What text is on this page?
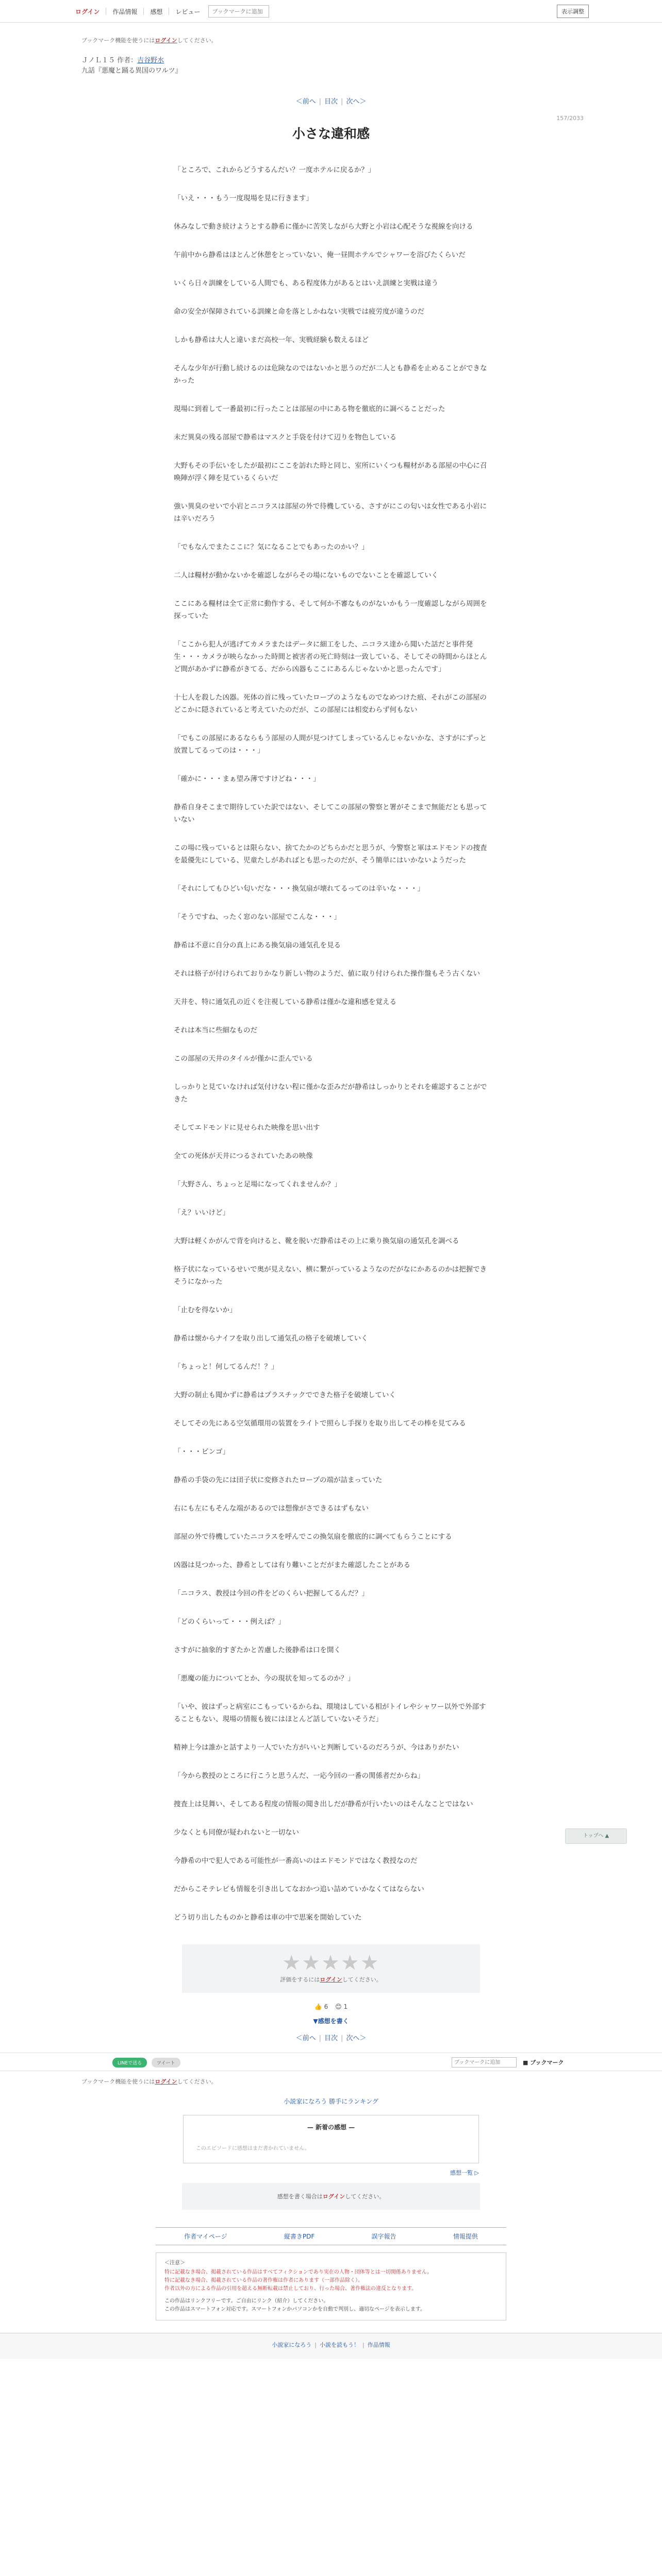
ログイン	作品情報	感想	レビュー
ブックマークに追加	表示調整
ブックマーク機能を使うにはログインしてください。
ＪノＬ１５ 作者：吉谷野水
九話『悪魔と踊る異国のワルツ』
＜前へ | 目次 | 次へ＞
157/2033
小さな違和感

「ところで、これからどうするんだい？一度ホテルに戻るか？」

「いえ・・・もう一度現場を見に行きます」

休みなしで動き続けようとする静希に僅かに苦笑しながら大野と小岩は心配そうな視線を向ける

午前中から静希はほとんど休憩をとっていない、俺一昼間ホテルでシャワーを浴びたくらいだ

いくら日々訓練をしている人間でも、ある程度体力があるとはいえ訓練と実戦は違う

命の安全が保障されている訓練と命を落としかねない実戦では疲労度が違うのだ

しかも静希は大人と違いまだ高校一年、実戦経験も数えるほど

そんな少年が行動し続けるのは危険なのではないかと思うのだが二人とも静希を止めることができなかった

現場に到着して一番最初に行ったことは部屋の中にある物を徹底的に調べることだった

未だ異臭の残る部屋で静希はマスクと手袋を付けて辺りを物色している

大野もその手伝いをしたが最初にここを訪れた時と同じ、室所にいくつも糧材がある部屋の中心に召喚陣が浮く陣を見ているくらいだ

強い異臭のせいで小岩とニコラスは部屋の外で待機している、さすがにこの匂いは女性である小岩には辛いだろう

「でもなんでまたここに？気になることでもあったのかい？」

二人は糧材が動かないかを確認しながらその場にないものでないことを確認していく

ここにある糧材は全て正常に動作する、そして何か不審なものがないかもう一度確認しながら周囲を探っていた

「ここから犯人が逃げてカメラまたはデータに細工をした、ニコラス達から聞いた話だと事件発生・・・カメラが映らなかった時間と被害者の死亡時刻は一致している、そしてその時間からほとんど間があかずに静希がきてる、だから凶器もここにあるんじゃないかと思ったんです」

十七人を殺した凶器。死体の首に残っていたロープのようなものでなめつけた痕、それがこの部屋のどこかに隠されていると考えていたのだが、この部屋には相変わらず何もない

「でもこの部屋にあるならもう部屋の人間が見つけてしまっているんじゃないかな、さすがにずっと放置してるってのは・・・」

「確かに・・・まぁ望み薄ですけどね・・・」

静希自身そこまで期待していた訳ではない、そしてこの部屋の警察と署がそこまで無能だとも思っていない

この場に残っているとは限らない、捨てたかのどちらかだと思うが、今警察と軍はエドモンドの捜査を最優先にしている、児童たしがあればとも思ったのだが、そう簡単にはいかないようだった

「それにしてもひどい匂いだな・・・換気扇が壊れてるってのは辛いな・・・」

「そうですね、ったく窓のない部屋でこんな・・・」

静希は不意に自分の真上にある換気扇の通気孔を見る

それは格子が付けられておりかなり新しい物のようだ、値に取り付けられた操作盤もそう古くない

天井を、特に通気孔の近くを注視している静希は僅かな違和感を覚える

それは本当に些細なものだ

この部屋の天井のタイルが僅かに歪んでいる

しっかりと見ていなければ気付けない程に僅かな歪みだが静希はしっかりとそれを確認することができた

そしてエドモンドに見せられた映像を思い出す

全ての死体が天井につるされていたあの映像

「大野さん、ちょっと足場になってくれませんか？」

「え？いいけど」

大野は軽くかがんで背を向けると、靴を脱いだ静希はその上に乗り換気扇の通気孔を調べる

格子状になっているせいで奥が見えない、横に繋がっているようなのだがなにかあるのかは把握できそうになかった

「止むを得ないか」

静希は懐からナイフを取り出して通気孔の格子を破壊していく

「ちょっと！何してるんだ！？」

大野の制止も聞かずに静希はプラスチックでできた格子を破壊していく

そしてその先にある空気循環用の装置をライトで照らし手探りを取り出してその棒を見てみる

「・・・ビンゴ」

静希の手袋の先には団子状に変修されたロープの端が詰まっていた

右にも左にもそんな端があるのでは想像がさできるはずもない

部屋の外で待機していたニコラスを呼んでこの換気扇を徹底的に調べてもらうことにする

凶器は見つかった、静希としては有り難いことだがまた確認したことがある

「ニコラス、教授は今回の件をどのくらい把握してるんだ？」

「どのくらいって・・・例えば？」

さすがに抽象的すぎたかと苦慮した後静希は口を開く

「悪魔の能力についてとか、今の現状を知ってるのか？」

「いや、彼はずっと病室にこもっているからね、環境はしている相がトイレやシャワー以外で外部することもない、現場の情報も彼にはほとんど話していないそうだ」

精神上今は誰かと話すより一人でいた方がいいと判断しているのだろうが、今はありがたい

「今から教授のところに行こうと思うんだ、一応今回の一番の関係者だからね」

捜査上は見舞い、そしてある程度の情報の聞き出しだが静希が行いたいのはそんなことではない

少なくとも同僚が疑われないと一切ない

今静希の中で犯人である可能性が一番高いのはエドモンドではなく教授なのだ

だからこそテレビも情報を引き出してなおかつ追い詰めていかなくてはならない

どう切り出したものかと静希は車の中で思案を開始していた

★★★★★
評価をするにはログインしてください。
👍 6 😊 1
▼感想を書く
＜前へ | 目次 | 次へ＞
LINEで送る	ツイート
ブックマークに追加	■ ブックマーク
ブックマーク機能を使うにはログインしてください。
小説家になろう 勝手にランキング
— 新着の感想 —
このエピソードに感想はまだ書かれていません。
感想一覧 ▷
感想を書く場合はログインしてください。
作者マイページ	縦書きPDF	誤字報告	情報提供
＜注意＞
特に記載なき場合、掲載されている作品はすべてフィクションであり実在の人物・団体等とは一切関係ありません。
特に記載なき場合、掲載されている作品の著作権は作者にあります（一部作品除く）。
作者以外の方による作品の引用を超える無断転載は禁止しており、行った場合、著作権法の違反となります。
この作品はリンクフリーです。ご自由にリンク（紹介）してください。
この作品はスマートフォン対応です。スマートフォンかパソコンかを自動で判別し、適切なページを表示します。
小説家になろう | 小説を読もう！ | 作品情報
トップへ ▲
